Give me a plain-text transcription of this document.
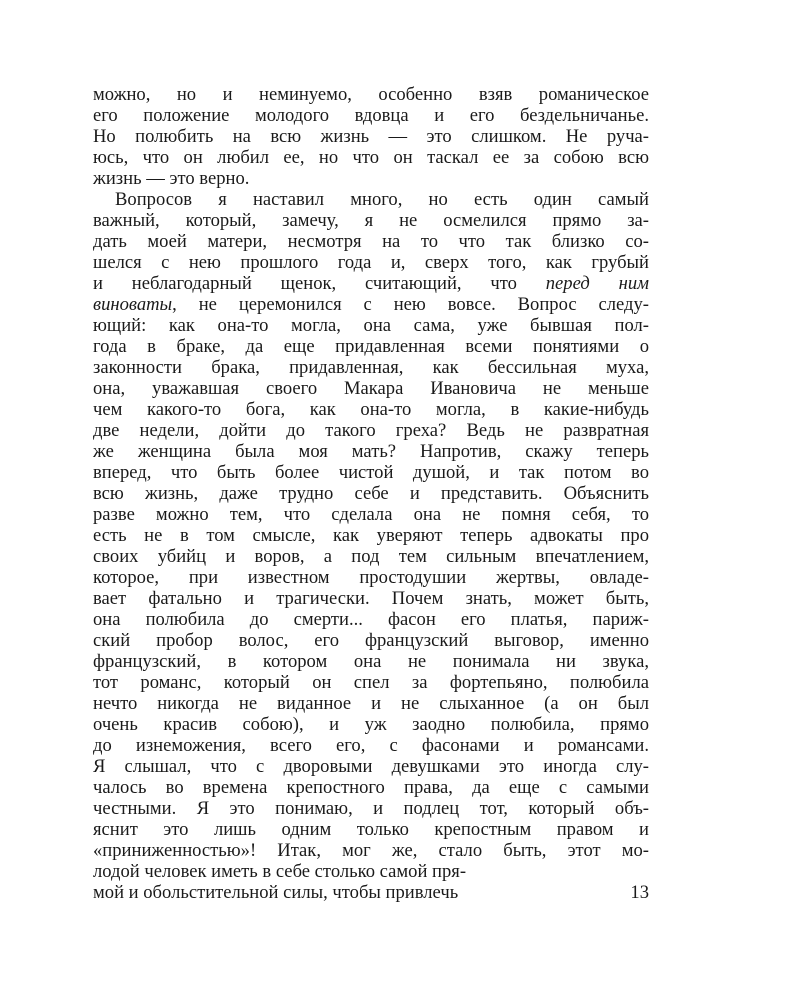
можно, но и неминуемо, особенно взяв романическое
его положение молодого вдовца и его бездельничанье.
Но полюбить на всю жизнь — это слишком. Не руча-
юсь, что он любил ее, но что он таскал ее за собою всю
жизнь — это верно.
Вопросов я наставил много, но есть один самый
важный, который, замечу, я не осмелился прямо за-
дать моей матери, несмотря на то что так близко со-
шелся с нею прошлого года и, сверх того, как грубый
и неблагодарный щенок, считающий, что перед ним
виноваты, не церемонился с нею вовсе. Вопрос следу-
ющий: как она-то могла, она сама, уже бывшая пол-
года в браке, да еще придавленная всеми понятиями о
законности брака, придавленная, как бессильная муха,
она, уважавшая своего Макара Ивановича не меньше
чем какого-то бога, как она-то могла, в какие-нибудь
две недели, дойти до такого греха? Ведь не развратная
же женщина была моя мать? Напротив, скажу теперь
вперед, что быть более чистой душой, и так потом во
всю жизнь, даже трудно себе и представить. Объяснить
разве можно тем, что сделала она не помня себя, то
есть не в том смысле, как уверяют теперь адвокаты про
своих убийц и воров, а под тем сильным впечатлением,
которое, при известном простодушии жертвы, овладе-
вает фатально и трагически. Почем знать, может быть,
она полюбила до смерти... фасон его платья, париж-
ский пробор волос, его французский выговор, именно
французский, в котором она не понимала ни звука,
тот романс, который он спел за фортепьяно, полюбила
нечто никогда не виданное и не слыханное (а он был
очень красив собою), и уж заодно полюбила, прямо
до изнеможения, всего его, с фасонами и романсами.
Я слышал, что с дворовыми девушками это иногда слу-
чалось во времена крепостного права, да еще с самыми
честными. Я это понимаю, и подлец тот, который объ-
яснит это лишь одним только крепостным правом и
«приниженностью»! Итак, мог же, стало быть, этот мо-
лодой человек иметь в себе столько самой пря-
мой и обольстительной силы, чтобы привлечь	13
